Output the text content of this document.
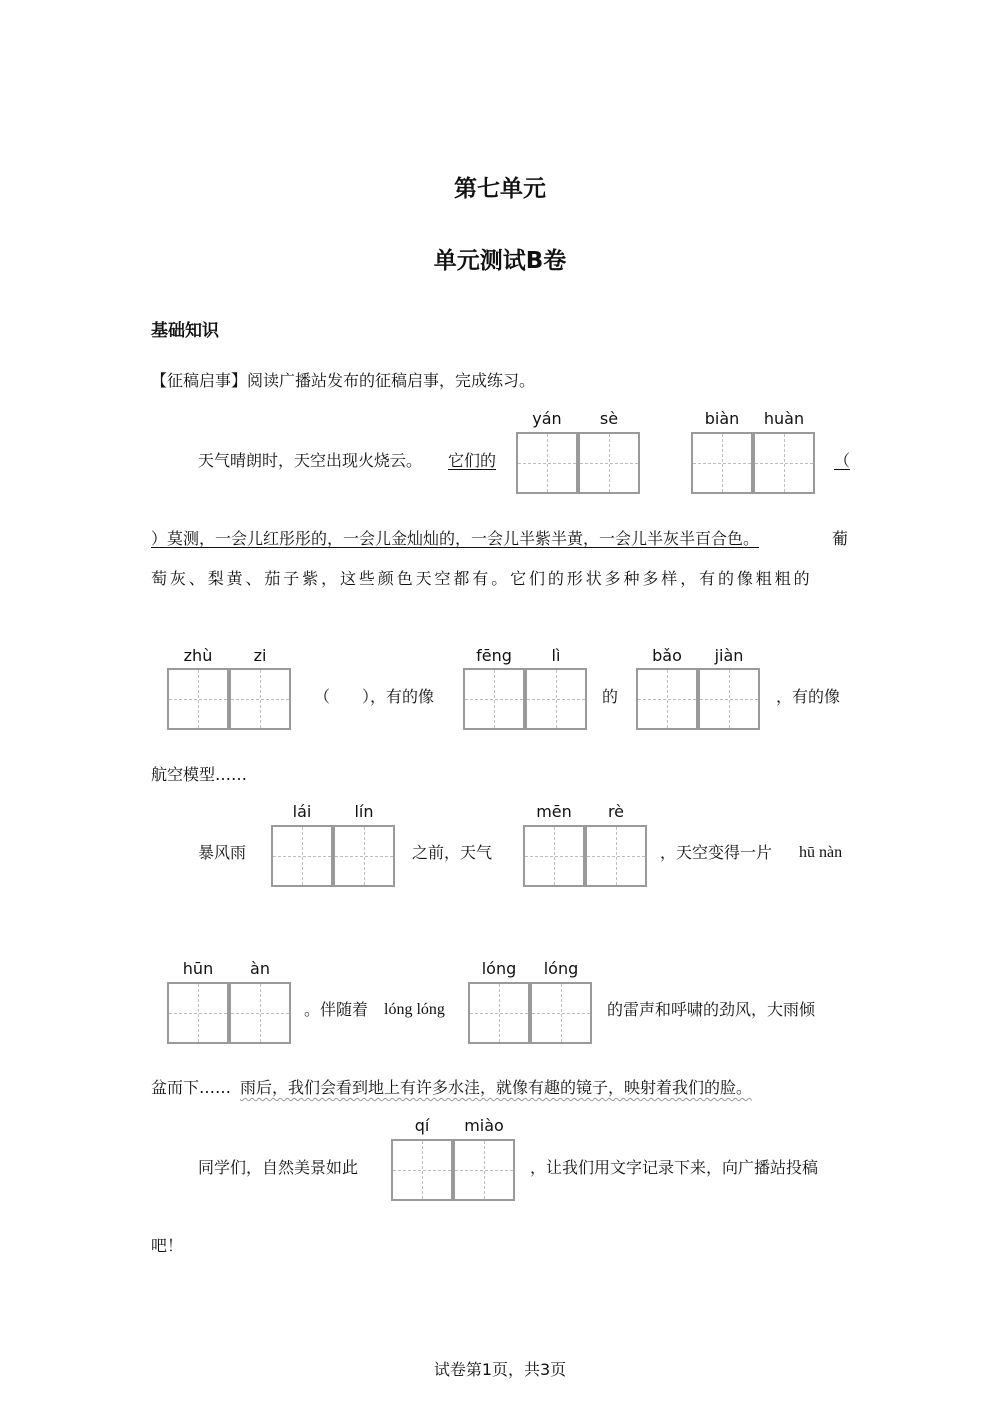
第七单元
单元测试B卷
基础知识
【征稿启事】阅读广播站发布的征稿启事，完成练习。
天气晴朗时，天空出现火烧云。 它们的
yán	sè	biàn	huàn
（
）莫测，一会儿红彤彤的，一会儿金灿灿的，一会儿半紫半黄，一会儿半灰半百合色。	葡
萄灰、梨黄、茄子紫，这些颜色天空都有。它们的形状多种多样，有的像粗粗的
zhù	zi
（　　），有的像
fēng	lì
的
bǎo	jiàn
，有的像
航空模型……
暴风雨
lái	lín
之前，天气
mēn	rè
，天空变得一片 hū nàn
hūn	àn
。伴随着 lóng lóng
lóng	lóng
的雷声和呼啸的劲风，大雨倾
盆而下…… 雨后，我们会看到地上有许多水洼，就像有趣的镜子，映射着我们的脸。
同学们，自然美景如此
qí	miào
，让我们用文字记录下来，向广播站投稿
吧！
试卷第1页，共3页
